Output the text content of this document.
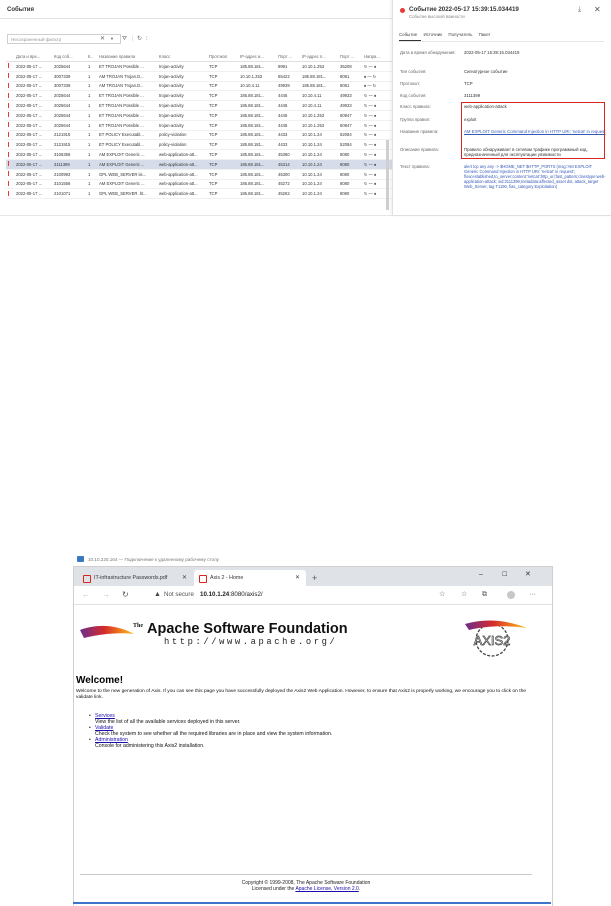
События
Несохраненный фильтр	✕ ▼ ⛛ | ↻ ⫶
	Дата и вре...	Код соб...	К..	Название правила	Класс	Протокол	IP-адрес и...	Порт ...	IP-адрес п...	Порт ...	Напра...
	2022-05-17 ...	2025644	1	ET TROJAN Possible ...	trojan-activity	TCP	185.88.181...	9991	10.10.1.253	35208	↻ — ♠
	2022-05-17 ...	3007339	1	AM TROJAN Trojan.D...	trojan-activity	TCP	10.10.1.253	65422	185.88.181...	8081	♠ — ↻
	2022-05-17 ...	3007339	1	AM TROJAN Trojan.D...	trojan-activity	TCP	10.10.4.11	49939	185.88.181...	8081	♠ — ↻
	2022-05-17 ...	2025644	1	ET TROJAN Possible ...	trojan-activity	TCP	185.88.181...	4445	10.10.4.11	49933	↻ — ♠
	2022-05-17 ...	2025644	1	ET TROJAN Possible ...	trojan-activity	TCP	185.88.181...	4445	10.10.4.11	49933	↻ — ♠
	2022-05-17 ...	2025644	1	ET TROJAN Possible ...	trojan-activity	TCP	185.88.181...	4445	10.10.1.253	60947	↻ — ♠
	2022-05-17 ...	2025644	1	ET TROJAN Possible ...	trojan-activity	TCP	185.88.181...	4445	10.10.1.253	60947	↻ — ♠
	2022-05-17 ...	2121915	1	ET POLICY Executabl...	policy-violation	TCP	185.88.181...	4433	10.10.1.24	52084	↻ — ♠
	2022-05-17 ...	2121915	1	ET POLICY Executabl...	policy-violation	TCP	185.88.181...	4433	10.10.1.24	52084	↻ — ♠
	2022-05-17 ...	3106358	1	AM EXPLOIT Generic ...	web-application-att...	TCP	185.88.181...	45360	10.10.1.24	8080	↻ — ♠
	2022-05-17 ...	3111399	1	AM EXPLOIT Generic ...	web-application-att...	TCP	185.88.181...	45314	10.10.1.24	8080	↻ — ♠
	2022-05-17 ...	2100993	1	GPL WEB_SERVER iis...	web-application-att...	TCP	185.88.181...	45300	10.10.1.24	8080	↻ — ♠
	2022-05-17 ...	3101556	1	AM EXPLOIT Generic ...	web-application-att...	TCP	185.88.181...	45272	10.10.1.24	8080	↻ — ♠
	2022-05-17 ...	2101071	1	GPL WEB_SERVER .ht...	web-application-att...	TCP	185.88.181...	45262	10.10.1.24	8080	↻ — ♠
Событие 2022-05-17 15:39:15.034419
Событие высокой важности
⤓ ✕
Событие Источник Получатель Пакет
Дата и время обнаружения:	2022-05-17 15:39:15.034419
Тип события:	Сигнатурное событие
Протокол:	TCP
Код события:	3111399
Класс правила:	web-application-attack
Группа правил:	exploit
Название правила:	AM EXPLOIT Generic Command Injection in HTTP URI: 'netcat' in request
Описание правила:	Правило обнаруживает в сетевом трафике программный код, предназначенный для эксплуатации уязвимости
Текст правила:	alert tcp any any -> $HOME_NET $HTTP_PORTS (msg:'AM EXPLOIT Generic Command Injection in HTTP URI: 'netcat' in request'; flow:established,to_server;content:'netcat';http_uri;fast_pattern;classtype:web-application-attack; sid:3111399;metadata:affected_asset dst, attack_target Web_Server, tag T1190, fias_category Exploitation)
10.10.220.164 — Подключение к удаленному рабочему столу
IT-infrastructure Passwords.pdf ✕	Axis 2 - Home	✕ +	–	☐	✕
← → ↻	▲ Not secure 10.10.1.24:8080/axis2/	☆ ☆ ⧉	···
The Apache Software Foundation
http://www.apache.org/	AXIS2
Welcome!
Welcome to the new generation of Axis. If you can see this page you have successfully deployed the Axis2 Web Application. However, to ensure that Axis2 is properly working, we encourage you to click on the validate link.
• Services
View the list of all the available services deployed in this server.
• Validate
Check the system to see whether all the required libraries are in place and view the system information.
• Administration
Console for administering this Axis2 installation.
Copyright © 1999-2008, The Apache Software Foundation
Licensed under the Apache License, Version 2.0.
